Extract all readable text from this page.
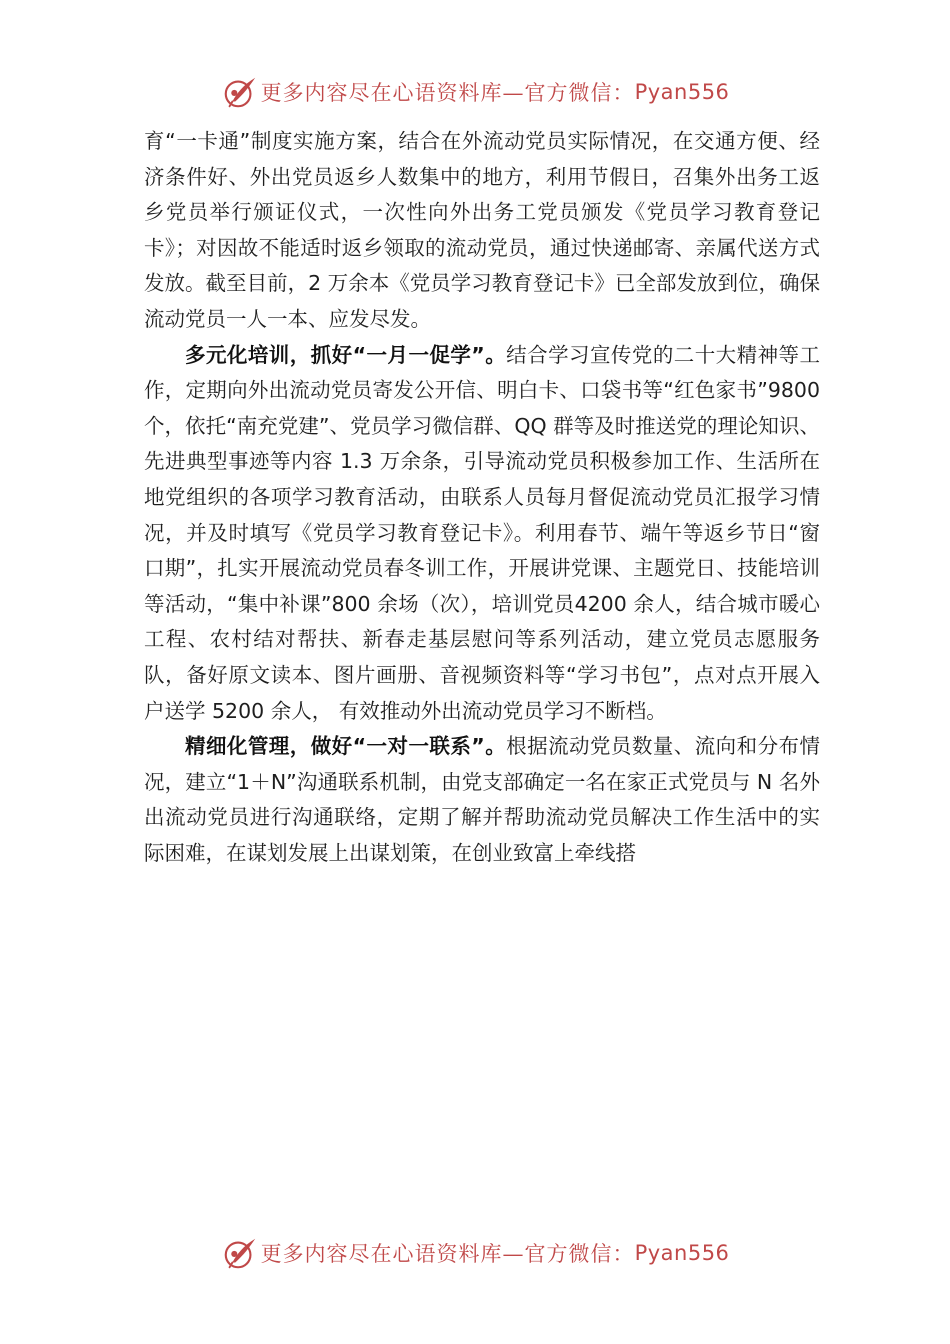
更多内容尽在心语资料库—官方微信： Pyan556

育“一卡通”制度实施方案，结合在外流动党员实际情况，在交通方便、经济条件好、外出党员返乡人数集中的地方，利用节假日，召集外出务工返乡党员举行颁证仪式，一次性向外出务工党员颁发《党员学习教育登记卡》；对因故不能适时返乡领取的流动党员，通过快递邮寄、亲属代送方式发放。截至目前，2 万余本《党员学习教育登记卡》已全部发放到位，确保流动党员一人一本、应发尽发。

多元化培训，抓好“一月一促学”。结合学习宣传党的二十大精神等工作，定期向外出流动党员寄发公开信、明白卡、口袋书等“红色家书”9800 个，依托“南充党建”、党员学习微信群、QQ 群等及时推送党的理论知识、先进典型事迹等内容 1.3 万余条，引导流动党员积极参加工作、生活所在地党组织的各项学习教育活动，由联系人员每月督促流动党员汇报学习情况，并及时填写《党员学习教育登记卡》。利用春节、端午等返乡节日“窗口期”，扎实开展流动党员春冬训工作，开展讲党课、主题党日、技能培训等活动，“集中补课”800 余场（次），培训党员4200 余人，结合城市暖心工程、农村结对帮扶、新春走基层慰问等系列活动，建立党员志愿服务队，备好原文读本、图片画册、音视频资料等“学习书包”，点对点开展入户送学 5200 余人， 有效推动外出流动党员学习不断档。

精细化管理，做好“一对一联系”。根据流动党员数量、流向和分布情况，建立“1＋N”沟通联系机制，由党支部确定一名在家正式党员与 N 名外出流动党员进行沟通联络，定期了解并帮助流动党员解决工作生活中的实际困难，在谋划发展上出谋划策，在创业致富上牵线搭

更多内容尽在心语资料库—官方微信： Pyan556
